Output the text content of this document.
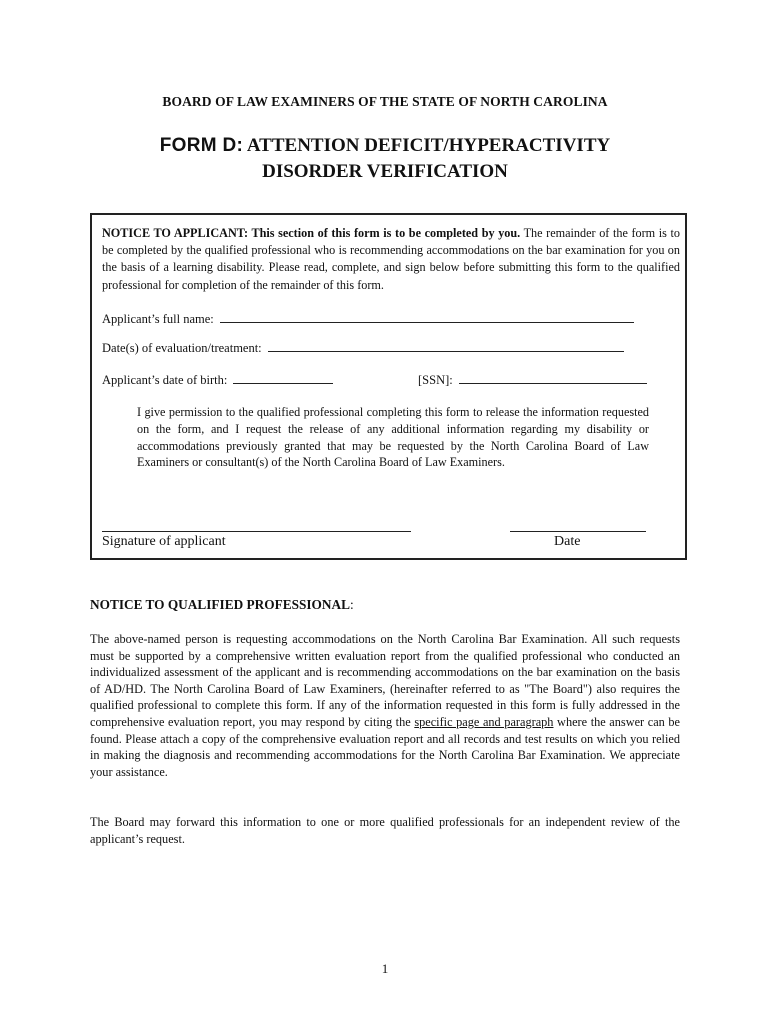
BOARD OF LAW EXAMINERS OF THE STATE OF NORTH CAROLINA
FORM D: ATTENTION DEFICIT/HYPERACTIVITY
DISORDER VERIFICATION
NOTICE TO APPLICANT: This section of this form is to be completed by you. The remainder of the form is to be completed by the qualified professional who is recommending accommodations on the bar examination for you on the basis of a learning disability. Please read, complete, and sign below before submitting this form to the qualified professional for completion of the remainder of this form.
Applicant’s full name:
Date(s) of evaluation/treatment:
Applicant’s date of birth:	[SSN]:
I give permission to the qualified professional completing this form to release the information requested on the form, and I request the release of any additional information regarding my disability or accommodations previously granted that may be requested by the North Carolina Board of Law Examiners or consultant(s) of the North Carolina Board of Law Examiners.
Signature of applicant	Date
NOTICE TO QUALIFIED PROFESSIONAL:
The above-named person is requesting accommodations on the North Carolina Bar Examination. All such requests must be supported by a comprehensive written evaluation report from the qualified professional who conducted an individualized assessment of the applicant and is recommending accommodations on the bar examination on the basis of AD/HD. The North Carolina Board of Law Examiners, (hereinafter referred to as "The Board") also requires the qualified professional to complete this form. If any of the information requested in this form is fully addressed in the comprehensive evaluation report, you may respond by citing the specific page and paragraph where the answer can be found. Please attach a copy of the comprehensive evaluation report and all records and test results on which you relied in making the diagnosis and recommending accommodations for the North Carolina Bar Examination. We appreciate your assistance.
The Board may forward this information to one or more qualified professionals for an independent review of the applicant’s request.
1
